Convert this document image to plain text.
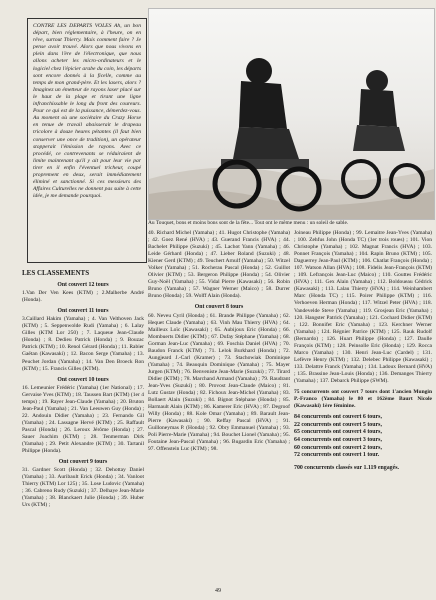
CONTRE LES DEPARTS VOLES Ah, un bon départ, bien réglementaire, à l'heure, on en rêve, surtout Thierry. Mais comment faire ? Je pense avoir trouvé. Alors que nous vivons en plein dans l'ère de l'électronique, que nous allons acheter les micro-ordinateurs et le logiciel chez l'épicier arabe du coin, les départs sont encore donnés à la ficelle, comme au temps de mon grand-père. Et les lasers, alors ? Imaginez un émetteur de rayons laser placé sur le haut de la plage et tirant une ligne infranchissable le long du front des coureurs. Pour ce qui est de la puissance, démerdez-vous. Au moment où une sociétaire du Crazy Horse en tenue de travail abaisserait le drapeau tricolore à douze heures pétantes (il faut bien conserver une once de tradition), un opérateur stopperait l'émission de rayons. Avec ce procédé, ce contrevenants se réduiraient de limite maintenant qu'il y ait pour leur vie par tirer en il enfin l'éventuel tricheur, coupé proprement en deux, serait immédiatement éliminé et sanctionné. Si ces messieurs des Affaires Culturelles ne donnent pas suite à cette idée, je me demande pourquoi.
Au Touquet, bons et moins bons sont de la fête... Tout ont le même menu : un soleil de sable.
LES CLASSEMENTS
Ont couvert 12 tours

1.Van Der Ven Kees (KTM) ; 2.Malherbe André (Honda).

Ont couvert 11 tours

3.Caillard Hakim (Yamaha) ; 4. Van Velthoven Jack (KTM) ; 5. Seppenwolde Rudi (Yamaha) ; 6. Lalay Gilles (KTM Lor 250) ; 7. Laqueue Jean-Claude (Honda) ; 8. Dedieu Patrick (Honda) ; 9. Bouzac Patrick (KTM) ; 10. Renol Gérard (Honda) ; 11. Rabier Gaëtan (Kawasaki) ; 12. Bacon Serge (Yamaha) ; 13. Peuchet Jordan (Yamaha) ; 14. Van Den Broeck Ron (KTM) ; 15. Francis Gilles (KTM).

Ont couvert 10 tours

16. Lemeunier Frédéric (Yamaha) (1er National) ; 17. Gervaise Yves (KTM) ; 18. Taussen Bart (KTM) (1er 4 temps) ; 19. Rayer Jean-Claude (Yamaha) ; 20. Bruton Jean-Paul (Yamaha) ; 21. Van Leeuwen Guy (Honda) ; 22. Andouin Didier (Yamaha) ; 23. Fernando Gil (Yamaha) ; 24. Lassagne Hervé (KTM) ; 25. Raffault Pascal (Honda) ; 26. Leroux Jérôme (Honda) ; 27. Sauer Joachim (KTM) ; 28. Tenmerman Dirk (Yamaha) ; 29. Petit Alexandre (KTM) ; 30. Tartanil Philippe (Honda).

Ont couvert 9 tours

31. Gardner Scott (Honda) ; 32. Dehottay Daniel (Yamaha) ; 33. Auribault Erick (Honda) ; 34. Vanloot Thierry (KTM) Lor 125) ; 35. Lose Ludovic (Yamaha) ; 36. Cabreno Rudy (Suzuki) ; 37. Delhaye Jean-Marie (Yamaha) ; 38. Blanckaert Julie (Honda) ; 39. Huber Urs (KTM) ;

40. Richard Michel (Yamaha) ; 41. Hugot Christophe (Yamaha) ; 42. Goez René (HVA) ; 43. Guerand Francis (HVA) ; 44. Bachelet Philippe (Suzuki) ; 45. Lachot Yann (Yamaha) ; 46. Leide Gérhard (Honda) ; 47. Lieber Roland (Suzuki) ; 48. Kiener Gerd (KTM) ; 49. Teuchert Arnulf (Yamaha) ; 50. Witzel Volker (Yamaha) ; 51. Rocherau Pascal (Honda) ; 52. Guillot Olivier (KTM) ; 53. Bergeron Philippe (Honda) ; 54. Olivier Guy-Noël (Yamaha) ; 55. Vidal Pierre (Kawasaki) ; 56. Robin Bruno (Yamaha) ; 57. Wagner Werner (Maico) ; 58. Durrer Bruno (Honda) ; 59. Wolff Alain (Honda).

Ont couvert 8 tours

60. Neveu Cyril (Honda) ; 61. Brande Philippe (Yamaha) ; 62. Hequet Claude (Yamaha) ; 63. Vinh Mau Thierry (HVA) ; 64. Mailleux Loïc (Kawasaki) ; 65. Aubijoux Eric (Honda) ; 66. Mombuerts Didier (KTM) ; 67. Dufay Stéphane (Yamaha) ; 68. Gorman Jean-Luc (Yamaha) ; 69. Foschia Daniel (HVA) ; 70. Baudon Franck (KTM) ; 71. Lelok Burkhard (Honda) ; 72. Aungjeard J.-Carl (Kramer) ; 73. Stachowiak Dominique (Yamaha) ; 74. Beauquin Dominique (Yamaha) ; 75. Mayer Jurgen (KTM) ; 76. Benveniste Jean-Marie (Suzuki) ; 77. Tirard Didier (KTM) ; 78. Marchand Armand (Yamaha) ; 79. Raudrant Jean-Yves (Suzuki) ; 80. Provost Jean-Claude (Maico) ; 81. Lutz Gustav (Honda) ; 82. Fichoux Jean-Michel (Yamaha) ; 83. Bollaert Alain (Suzuki) ; 84. Bignot Stéphane (Honda) ; 85. Harmault Alain (KTM) ; 86. Kamerer Eric (HVA) ; 87. Degroof Willy (Honda) ; 88. Kole Omar (Yamaha) ; 89. Barault Jean-Pierre (Kawasaki) ; 90. Reffay Pascal (HVA) ; 91. Guilloneymas P. (Honda) ; 92. Obry Emmanuel (Yamaha) ; 93. Poli Pierre-Marie (Yamaha) ; 94. Bouchet Lionel (Yamaha) ; 95. Foutaine Jean-Pascal (Yamaha) ; 96. Bugardin Eric (Yamaha) ; 97. Offenstein Luc (KTM) ; 98.

Joineau Philippe (Honda) ; 99. Lemaitre Jean-Yves (Yamaha) ; 100. Zehfus John (Honda TC) (1er trois roues) ; 101. Vion Christophe (Yamaha) ; 102. Magnat Francis (HVA) ; 103. Ponnet François (Yamaha) ; 104. Rapin Bruno (KTM) ; 105. Daguerrey Jean-Paul (KTM) ; 106. Chatlat François (Honda) ; 107. Watson Allan (HVA) ; 108. Fidelis Jean-François (KTM) ; 109. Lefrançois Jean-Luc (Maico) ; 110. Gouttes Frédéric (HVA) ; 111. Gex Alain (Yamaha) ; 112. Boldoueau Cédrick (Kawasaki) ; 113. Lalau Thierry (HVA) ; 114. Weinhambert Marc (Honda TC) ; 115. Poirer Philippe (KTM) ; 116. Verhoeven Herman (Honda) ; 117. Witzel Peter (HVA) ; 118. Vandevelde Steve (Yamaha) ; 119. Grosjean Eric (Yamaha) ; 120. Hangster Patrick (Yamaha) ; 121. Cochard Didier (KTM) ; 122. Bonnifet Eric (Yamaha) ; 123. Kerchner Werner (Yamaha) ; 124. Régnier Patrice (KTM) ; 125. Rauk Rudolf (Bernardo) ; 126. Huart Philippe (Honda) ; 127. Daulle François (KTM) ; 128. Peinsolle Eric (Honda) ; 129. Rocca Marco (Yamaha) ; 130. Henri Jean-Luc (Cardel) ; 131. Lefèvre Henry (KTM) ; 132. Delebec Philippe (Kawasaki) ; 133. Delattre Franck (Yamaha) ; 134. Ladoux Bernard (HVA) ; 135. Brassine Jean-Louis (Honda) ; 136. Demanges Thierry (Yamaha) ; 137. Debarck Philippe (SWM).

75 concurrents ont couvert 7 tours dont 1'ancien Mungin P.-Franco (Yamaha) le 80 et 162ème Baurt Nicole (Kawasaki) 1ère féminine.

84 concurrents ont couvert 6 tours,
22 concurrents ont couvert 5 tours,
65 concurrents ont couvert 4 tours,
64 concurrents ont couvert 3 tours,
60 concurrents ont couvert 2 tours,
72 concurrents ont couvert 1 tour.
700 concurrents classés sur 1.119 engagés.
49
